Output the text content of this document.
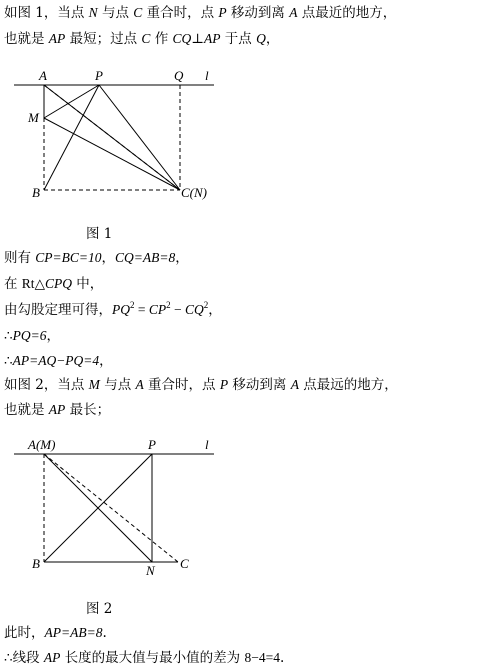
如图 1，当点 N 与点 C 重合时，点 P 移动到离 A 点最近的地方，
也就是 AP 最短；过点 C 作 CQ⊥AP 于点 Q，
A	P	Q l
M
B	C(N)
图 1
则有 CP=BC=10，CQ=AB=8，
在 Rt△CPQ 中，
由勾股定理可得，$PQ^2 = CP^2 - CQ^2$，
∴PQ=6，
∴AP=AQ−PQ=4，
如图 2，当点 M 与点 A 重合时，点 P 移动到离 A 点最远的地方，
也就是 AP 最长；
A(M)	P	l
B	N C
图 2
此时，AP=AB=8.
∴线段 AP 长度的最大值与最小值的差为 8−4=4.
